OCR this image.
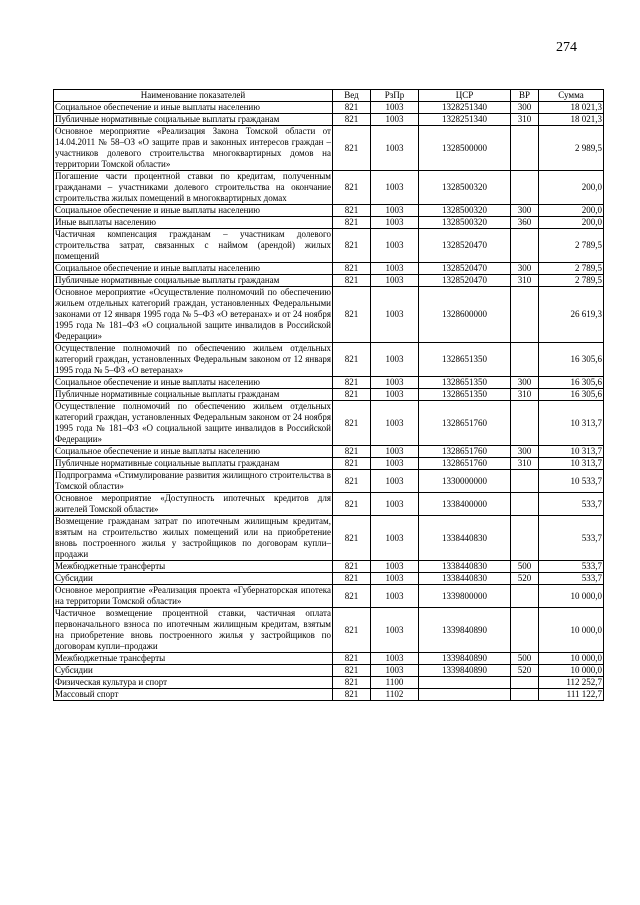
274
Наименование показателей	Вед	РзПр	ЦСР	ВР	Сумма
Социальное обеспечение и иные выплаты населению	821	1003	1328251340	300	18 021,3
Публичные нормативные социальные выплаты гражданам	821	1003	1328251340	310	18 021,3
Основное мероприятие «Реализация Закона Томской области от 14.04.2011 № 58–ОЗ «О защите прав и законных интересов граждан – участников долевого строительства многоквартирных домов на территории Томской области»	821	1003	1328500000		2 989,5
Погашение части процентной ставки по кредитам, полученным гражданами – участниками долевого строительства на окончание строительства жилых помещений в многоквартирных домах	821	1003	1328500320		200,0
Социальное обеспечение и иные выплаты населению	821	1003	1328500320	300	200,0
Иные выплаты населению	821	1003	1328500320	360	200,0
Частичная компенсация гражданам – участникам долевого строительства затрат, связанных с наймом (арендой) жилых помещений	821	1003	1328520470		2 789,5
Социальное обеспечение и иные выплаты населению	821	1003	1328520470	300	2 789,5
Публичные нормативные социальные выплаты гражданам	821	1003	1328520470	310	2 789,5
Основное мероприятие «Осуществление полномочий по обеспечению жильем отдельных категорий граждан, установленных Федеральными законами от 12 января 1995 года № 5–ФЗ «О ветеранах» и от 24 ноября 1995 года № 181–ФЗ «О социальной защите инвалидов в Российской Федерации»	821	1003	1328600000		26 619,3
Осуществление полномочий по обеспечению жильем отдельных категорий граждан, установленных Федеральным законом от 12 января 1995 года № 5–ФЗ «О ветеранах»	821	1003	1328651350		16 305,6
Социальное обеспечение и иные выплаты населению	821	1003	1328651350	300	16 305,6
Публичные нормативные социальные выплаты гражданам	821	1003	1328651350	310	16 305,6
Осуществление полномочий по обеспечению жильем отдельных категорий граждан, установленных Федеральным законом от 24 ноября 1995 года № 181–ФЗ «О социальной защите инвалидов в Российской Федерации»	821	1003	1328651760		10 313,7
Социальное обеспечение и иные выплаты населению	821	1003	1328651760	300	10 313,7
Публичные нормативные социальные выплаты гражданам	821	1003	1328651760	310	10 313,7
Подпрограмма «Стимулирование развития жилищного строительства в Томской области»	821	1003	1330000000		10 533,7
Основное мероприятие «Доступность ипотечных кредитов для жителей Томской области»	821	1003	1338400000		533,7
Возмещение гражданам затрат по ипотечным жилищным кредитам, взятым на строительство жилых помещений или на приобретение вновь построенного жилья у застройщиков по договорам купли–продажи	821	1003	1338440830		533,7
Межбюджетные трансферты	821	1003	1338440830	500	533,7
Субсидии	821	1003	1338440830	520	533,7
Основное мероприятие «Реализация проекта «Губернаторская ипотека на территории Томской области»	821	1003	1339800000		10 000,0
Частичное возмещение процентной ставки, частичная оплата первоначального взноса по ипотечным жилищным кредитам, взятым на приобретение вновь построенного жилья у застройщиков по договорам купли–продажи	821	1003	1339840890		10 000,0
Межбюджетные трансферты	821	1003	1339840890	500	10 000,0
Субсидии	821	1003	1339840890	520	10 000,0
Физическая культура и спорт	821	1100			112 252,7
Массовый спорт	821	1102			111 122,7
